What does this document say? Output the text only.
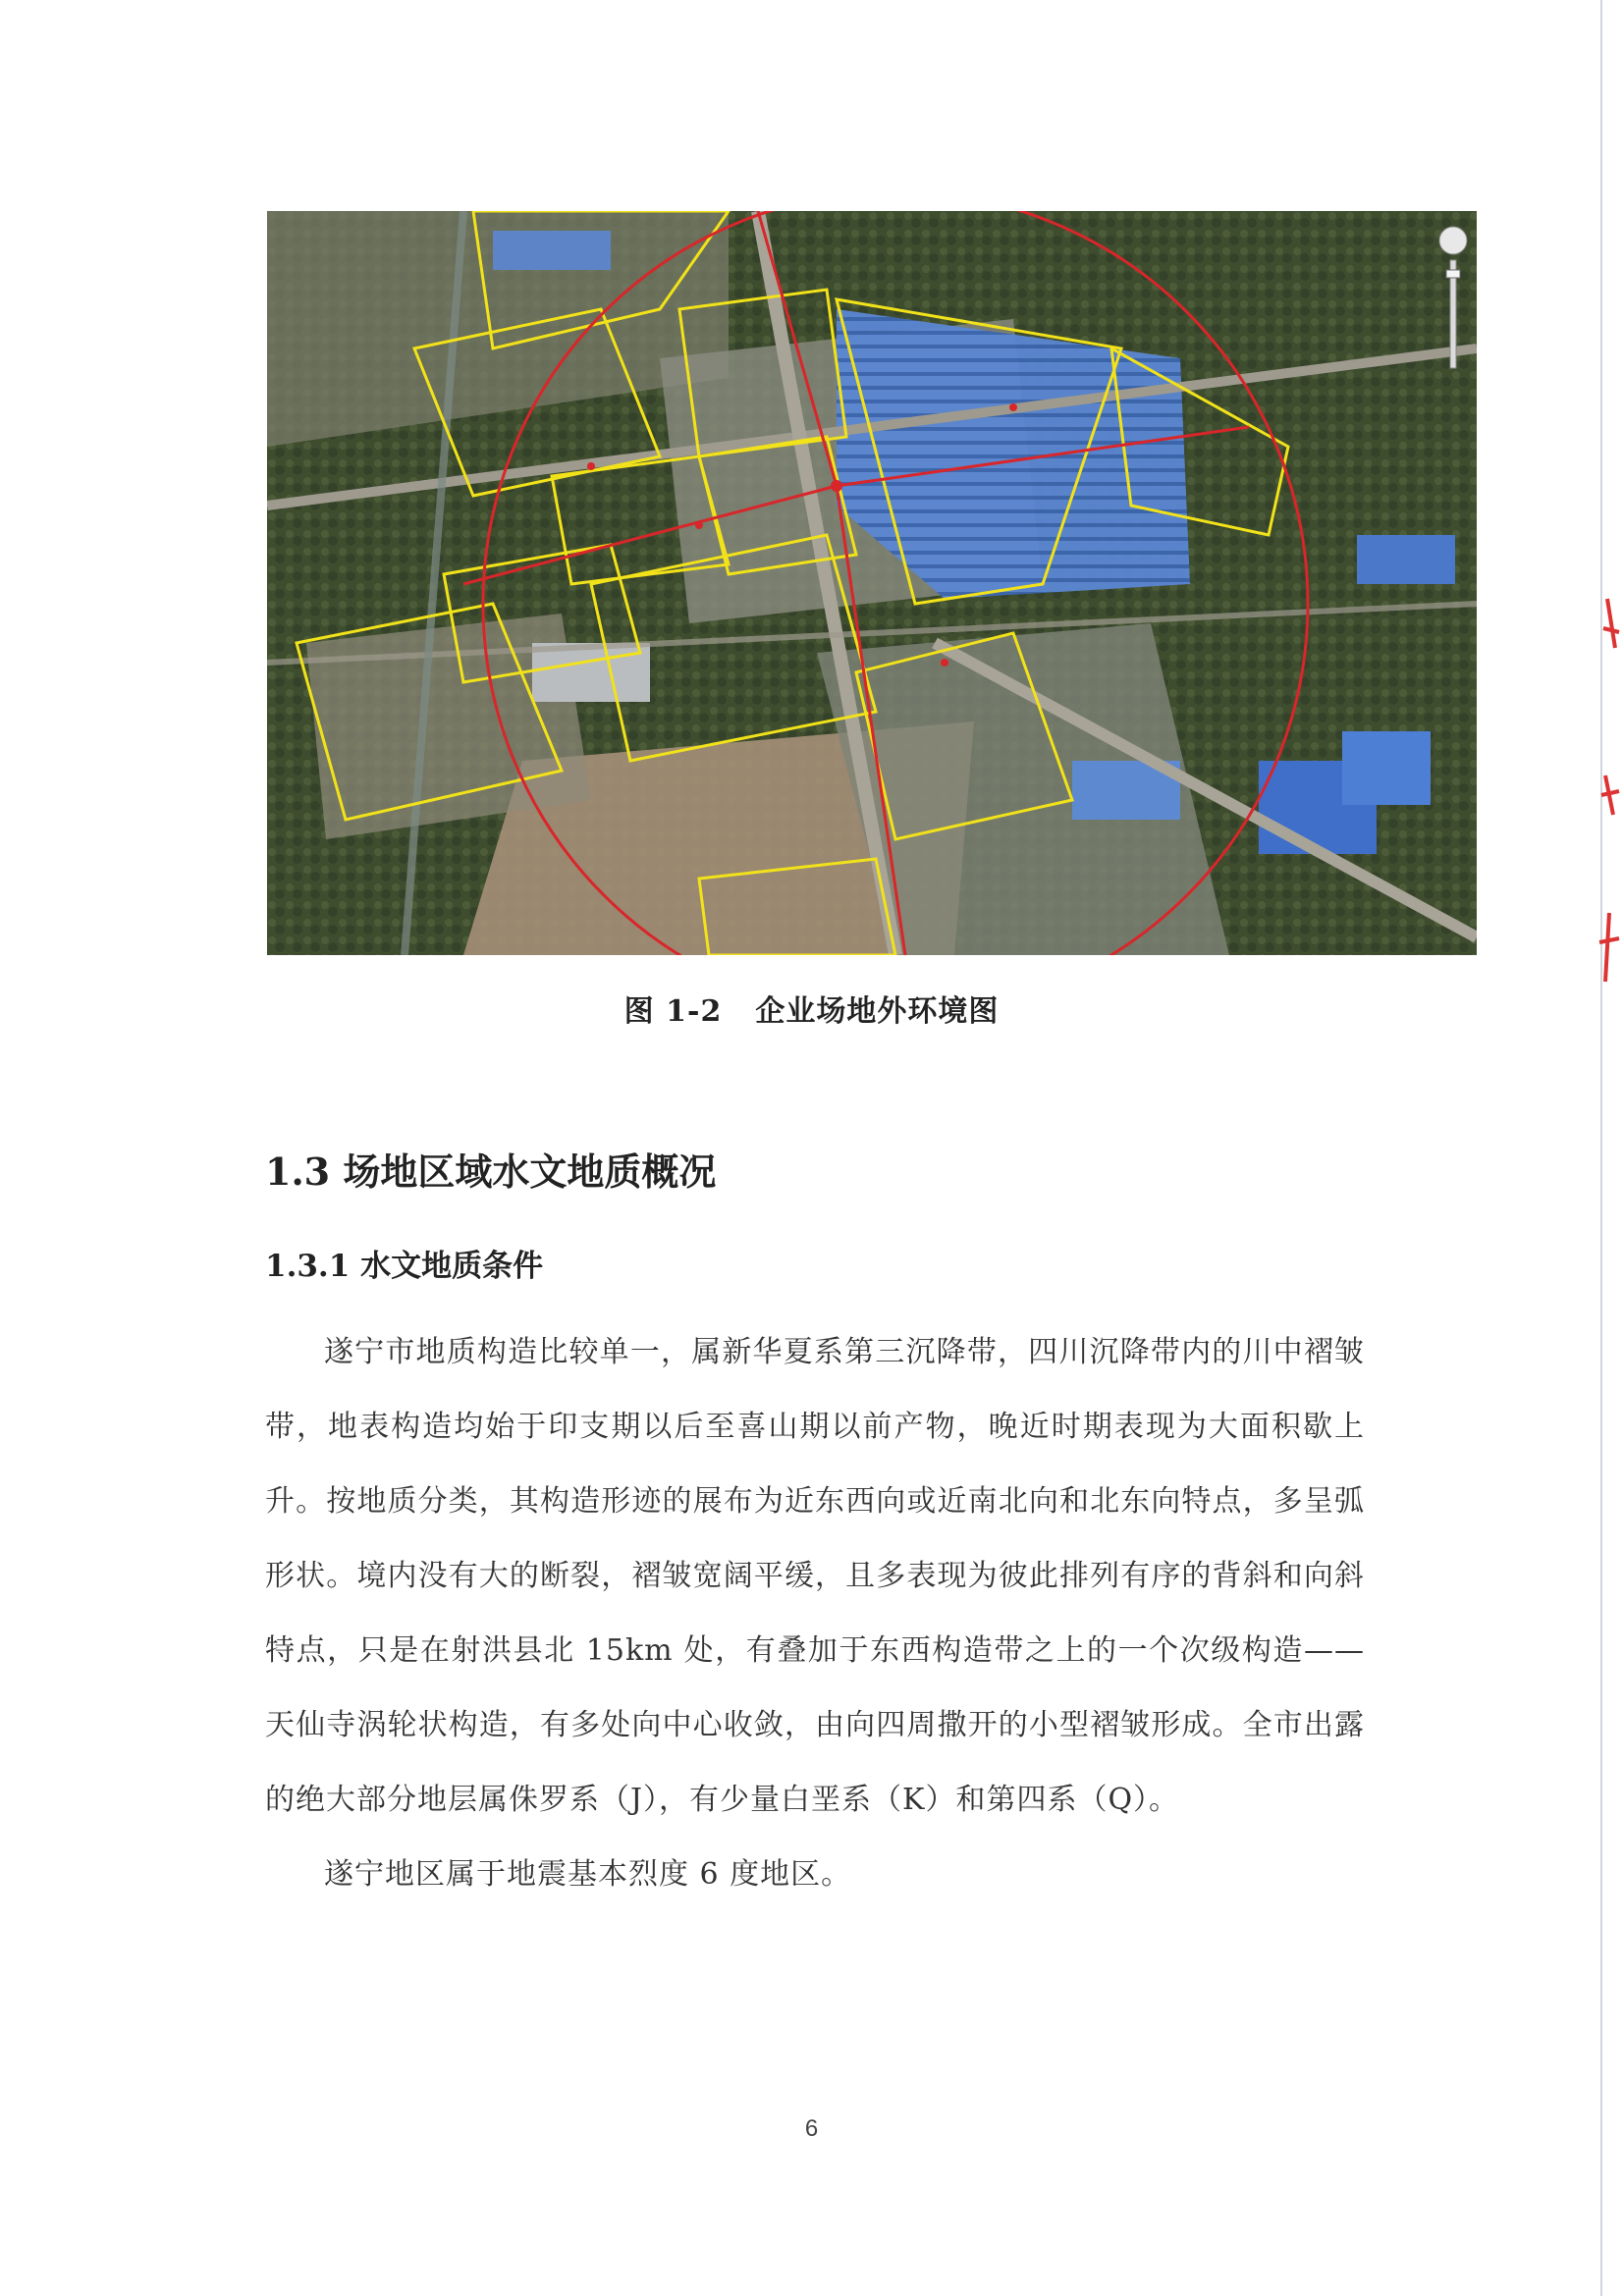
图 1-2 企业场地外环境图
1.3 场地区域水文地质概况
1.3.1 水文地质条件

遂宁市地质构造比较单一，属新华夏系第三沉降带，四川沉降带内的川中褶皱带，地表构造均始于印支期以后至喜山期以前产物，晚近时期表现为大面积歇上升。按地质分类，其构造形迹的展布为近东西向或近南北向和北东向特点，多呈弧形状。境内没有大的断裂，褶皱宽阔平缓，且多表现为彼此排列有序的背斜和向斜特点，只是在射洪县北 15km 处，有叠加于东西构造带之上的一个次级构造——天仙寺涡轮状构造，有多处向中心收敛，由向四周撒开的小型褶皱形成。全市出露的绝大部分地层属侏罗系（J），有少量白垩系（K）和第四系（Q）。

遂宁地区属于地震基本烈度 6 度地区。

6
